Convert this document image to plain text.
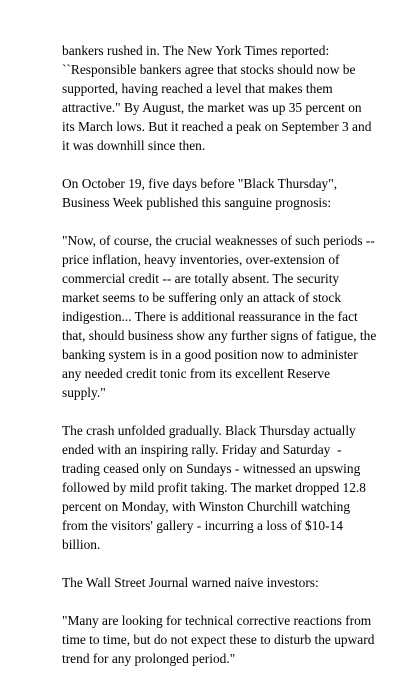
bankers rushed in. The New York Times reported:
``Responsible bankers agree that stocks should now be
supported, having reached a level that makes them
attractive." By August, the market was up 35 percent on
its March lows. But it reached a peak on September 3 and
it was downhill since then.

On October 19, five days before "Black Thursday",
Business Week published this sanguine prognosis:

"Now, of course, the crucial weaknesses of such periods --
price inflation, heavy inventories, over-extension of
commercial credit -- are totally absent. The security
market seems to be suffering only an attack of stock
indigestion... There is additional reassurance in the fact
that, should business show any further signs of fatigue, the
banking system is in a good position now to administer
any needed credit tonic from its excellent Reserve
supply."

The crash unfolded gradually. Black Thursday actually
ended with an inspiring rally. Friday and Saturday  -
trading ceased only on Sundays - witnessed an upswing
followed by mild profit taking. The market dropped 12.8
percent on Monday, with Winston Churchill watching
from the visitors' gallery - incurring a loss of $10-14
billion.

The Wall Street Journal warned naive investors:

"Many are looking for technical corrective reactions from
time to time, but do not expect these to disturb the upward
trend for any prolonged period."
